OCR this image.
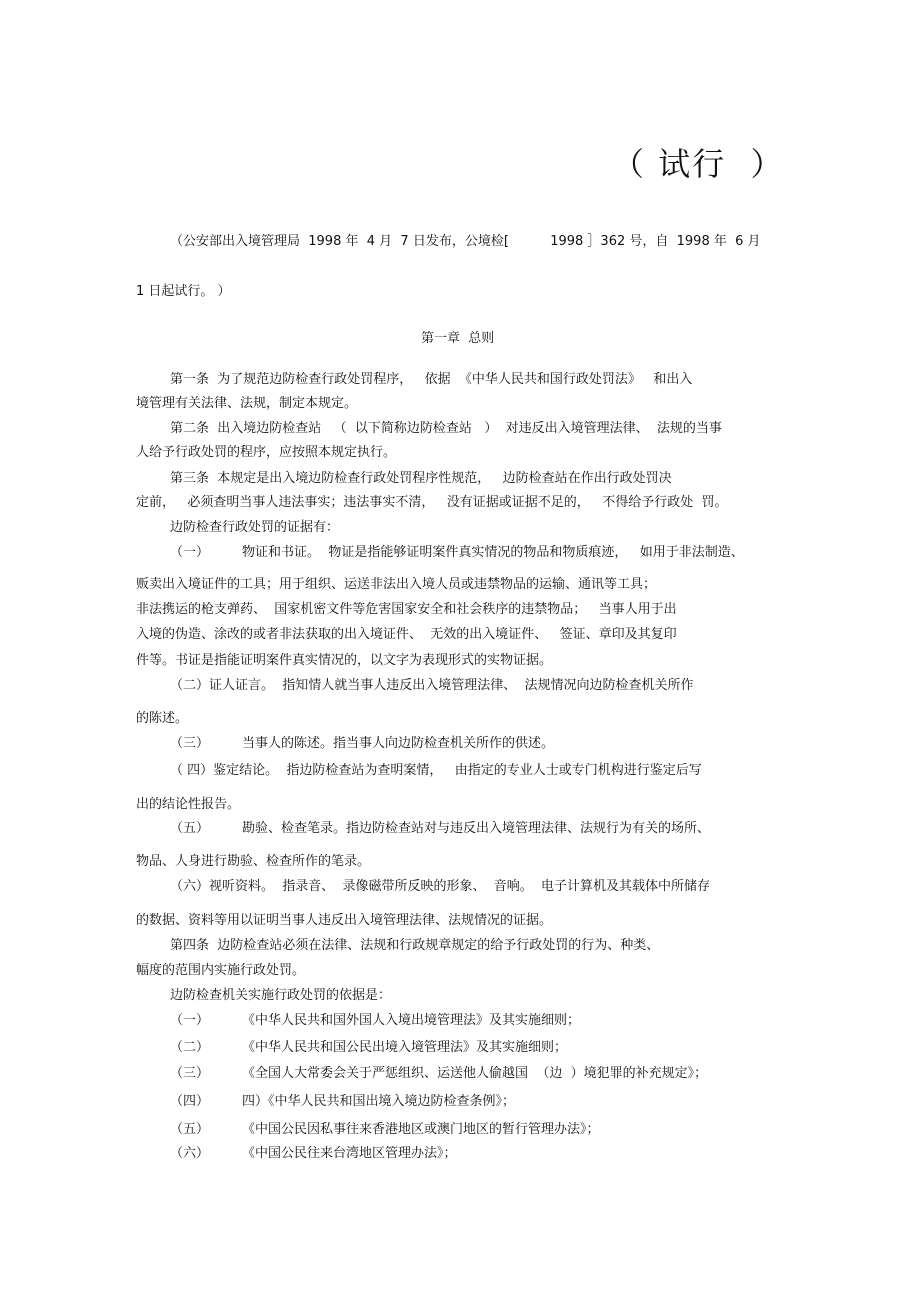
（ 试行  ）
（公安部出入境管理局  1998 年  4 月  7 日发布，公境检[          1998 ］362 号，自  1998 年  6 月
1 日起试行。 ）
第一章  总则
第一条  为了规范边防检查行政处罚程序，   依据  《中华人民共和国行政处罚法》   和出入
境管理有关法律、法规，制定本规定。
第二条  出入境边防检查站   （  以下简称边防检查站   ）  对违反出入境管理法律、  法规的当事
人给予行政处罚的程序，应按照本规定执行。
第三条  本规定是出入境边防检查行政处罚程序性规范，   边防检查站在作出行政处罚决
定前，   必须查明当事人违法事实；违法事实不清，   没有证据或证据不足的，   不得给予行政处  罚。
边防检查行政处罚的证据有：
（一）        物证和书证。  物证是指能够证明案件真实情况的物品和物质痕迹，   如用于非法制造、
贩卖出入境证件的工具；用于组织、运送非法出入境人员或违禁物品的运输、通讯等工具；
非法携运的枪支弹药、  国家机密文件等危害国家安全和社会秩序的违禁物品；   当事人用于出
入境的伪造、涂改的或者非法获取的出入境证件、  无效的出入境证件、   签证、章印及其复印
件等。书证是指能证明案件真实情况的，以文字为表现形式的实物证据。
（二）证人证言。  指知情人就当事人违反出入境管理法律、  法规情况向边防检查机关所作
的陈述。
（三）        当事人的陈述。指当事人向边防检查机关所作的供述。
（ 四）鉴定结论。  指边防检查站为查明案情，   由指定的专业人士或专门机构进行鉴定后写
出的结论性报告。
（五）        勘验、检查笔录。指边防检查站对与违反出入境管理法律、法规行为有关的场所、
物品、人身进行勘验、检查所作的笔录。
（六）视听资料。  指录音、  录像磁带所反映的形象、  音响。  电子计算机及其载体中所储存
的数据、资料等用以证明当事人违反出入境管理法律、法规情况的证据。
第四条  边防检查站必须在法律、法规和行政规章规定的给予行政处罚的行为、种类、
幅度的范围内实施行政处罚。
边防检查机关实施行政处罚的依据是：
（一）        《中华人民共和国外国人入境出境管理法》及其实施细则；
（二）        《中华人民共和国公民出境入境管理法》及其实施细则；
（三）        《全国人大常委会关于严惩组织、运送他人偷越国  （边  ）境犯罪的补充规定》；
（四）        四）《中华人民共和国出境入境边防检查条例》；
（五）        《中国公民因私事往来香港地区或澳门地区的暂行管理办法》；
（六）        《中国公民往来台湾地区管理办法》；
